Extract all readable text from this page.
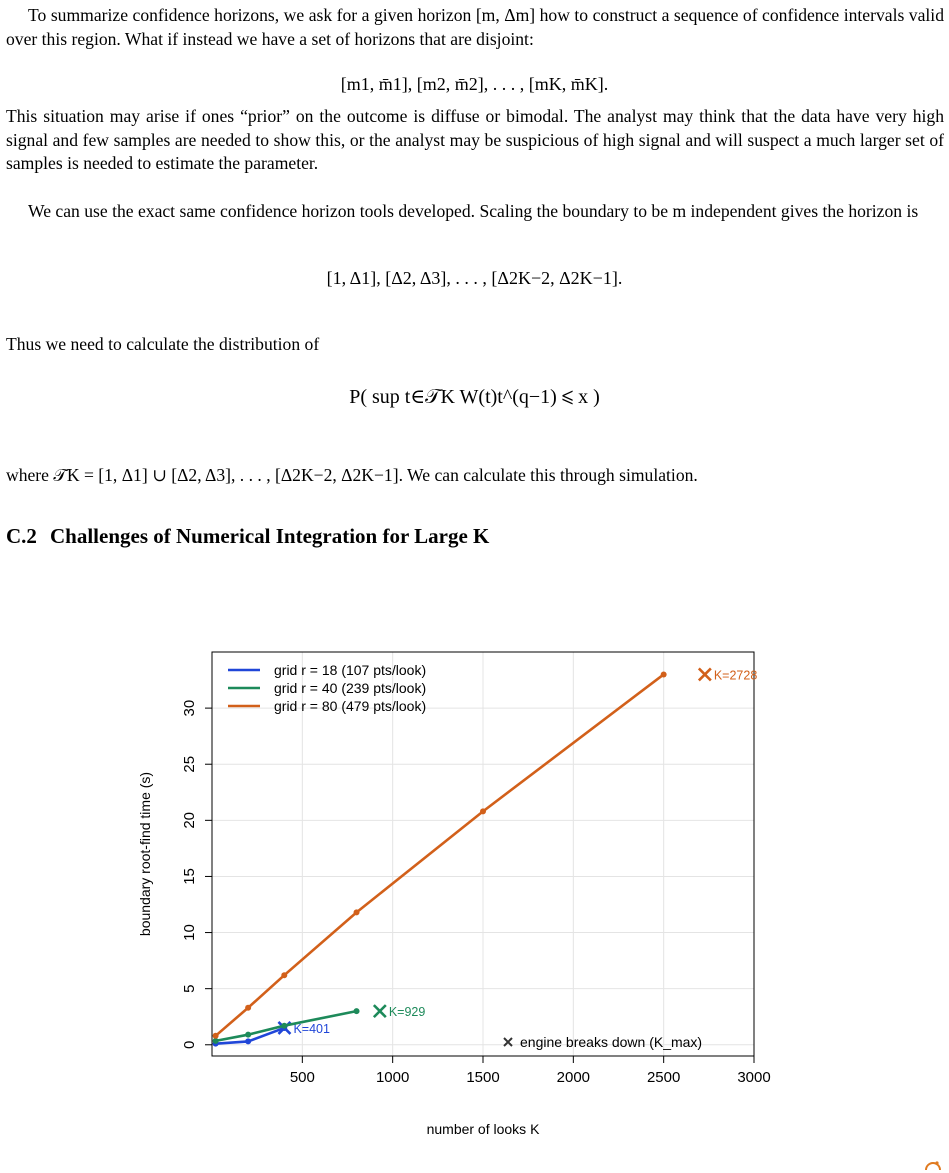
To summarize confidence horizons, we ask for a given horizon [m, Δm] how to construct a sequence of confidence intervals valid over this region. What if instead we have a set of horizons that are disjoint:

[m1, m̄1], [m2, m̄2], . . . , [mK, m̄K].

This situation may arise if ones “prior” on the outcome is diffuse or bimodal. The analyst may think that the data have very high signal and few samples are needed to show this, or the analyst may be suspicious of high signal and will suspect a much larger set of samples is needed to estimate the parameter.

We can use the exact same confidence horizon tools developed. Scaling the boundary to be m independent gives the horizon is

[1, Δ1], [Δ2, Δ3], . . . , [Δ2K−2, Δ2K−1].

Thus we need to calculate the distribution of

P( sup t∈𝒯K W(t)t^(q−1) ⩽ x )

where 𝒯K = [1, Δ1] ∪ [Δ2, Δ3], . . . , [Δ2K−2, Δ2K−1]. We can calculate this through simulation.

C.2 Challenges of Numerical Integration for Large K
500	1000	1500	2000	2500	3000
0
5
10
15
20
25
30
number of looks K
boundary root-find time (s)
K=401
grid r = 18 (107 pts/look)
K=929
grid r = 40 (239 pts/look)
K=2728
grid r = 80 (479 pts/look)
engine breaks down (K_max)
